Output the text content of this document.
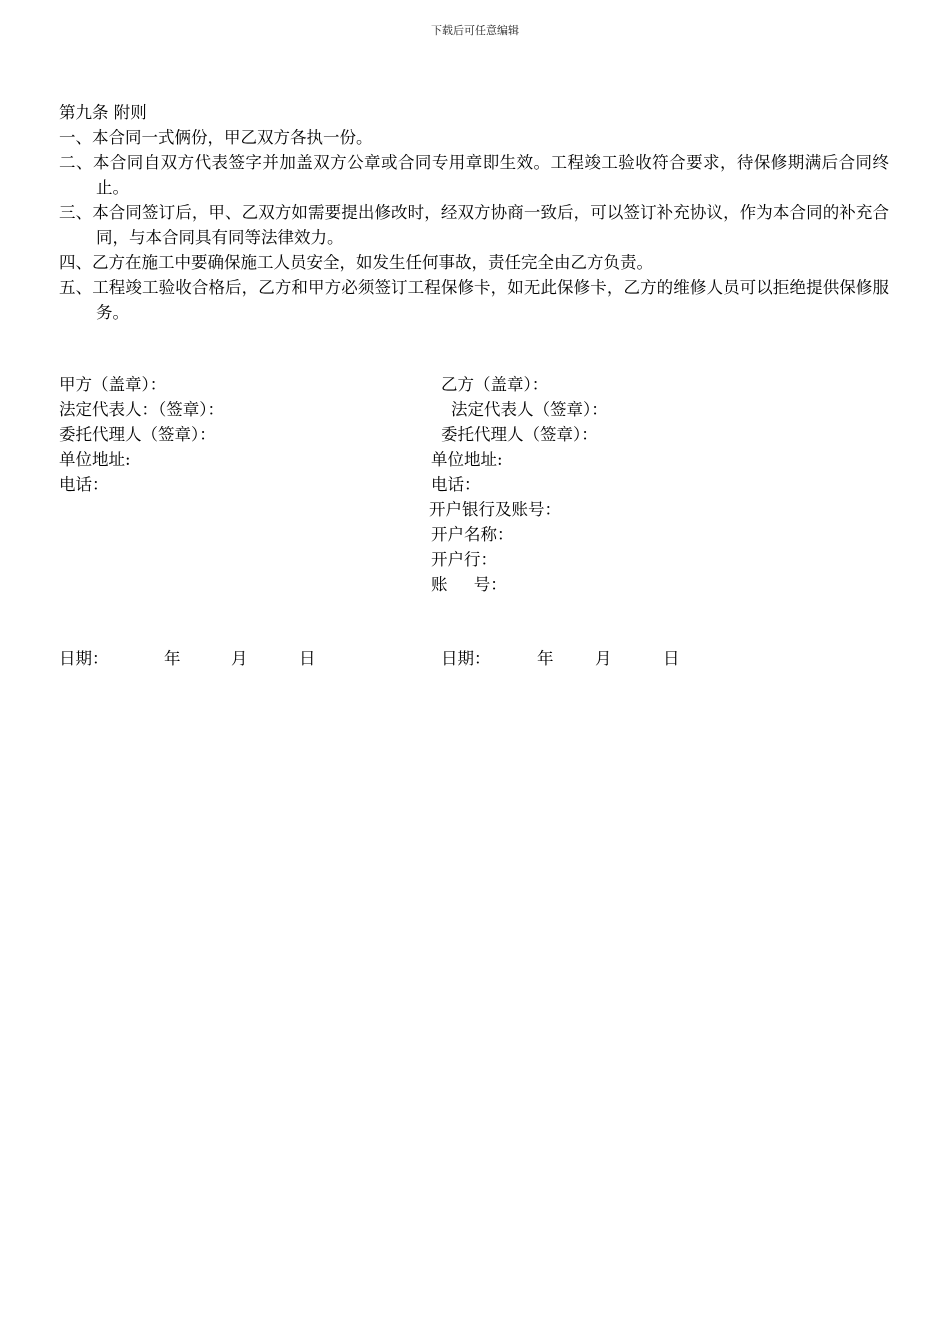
下载后可任意编辑
第九条 附则
一、本合同一式俩份，甲乙双方各执一份。
二、本合同自双方代表签字并加盖双方公章或合同专用章即生效。工程竣工验收符合要求，待保修期满后合同终止。
三、本合同签订后，甲、乙双方如需要提出修改时，经双方协商一致后，可以签订补充协议，作为本合同的补充合同，与本合同具有同等法律效力。
四、乙方在施工中要确保施工人员安全，如发生任何事故，责任完全由乙方负责。
五、工程竣工验收合格后，乙方和甲方必须签订工程保修卡，如无此保修卡，乙方的维修人员可以拒绝提供保修服务。
甲方（盖章）：
法定代表人：（签章）：
委托代理人（签章）：
单位地址:
电话：
日期：	年	月	日
乙方（盖章）：
法定代表人（签章）：
委托代理人（签章）：
单位地址:
电话：
开户银行及账号：
开户名称：
开户行：
账     号：
日期：	年	月	日
